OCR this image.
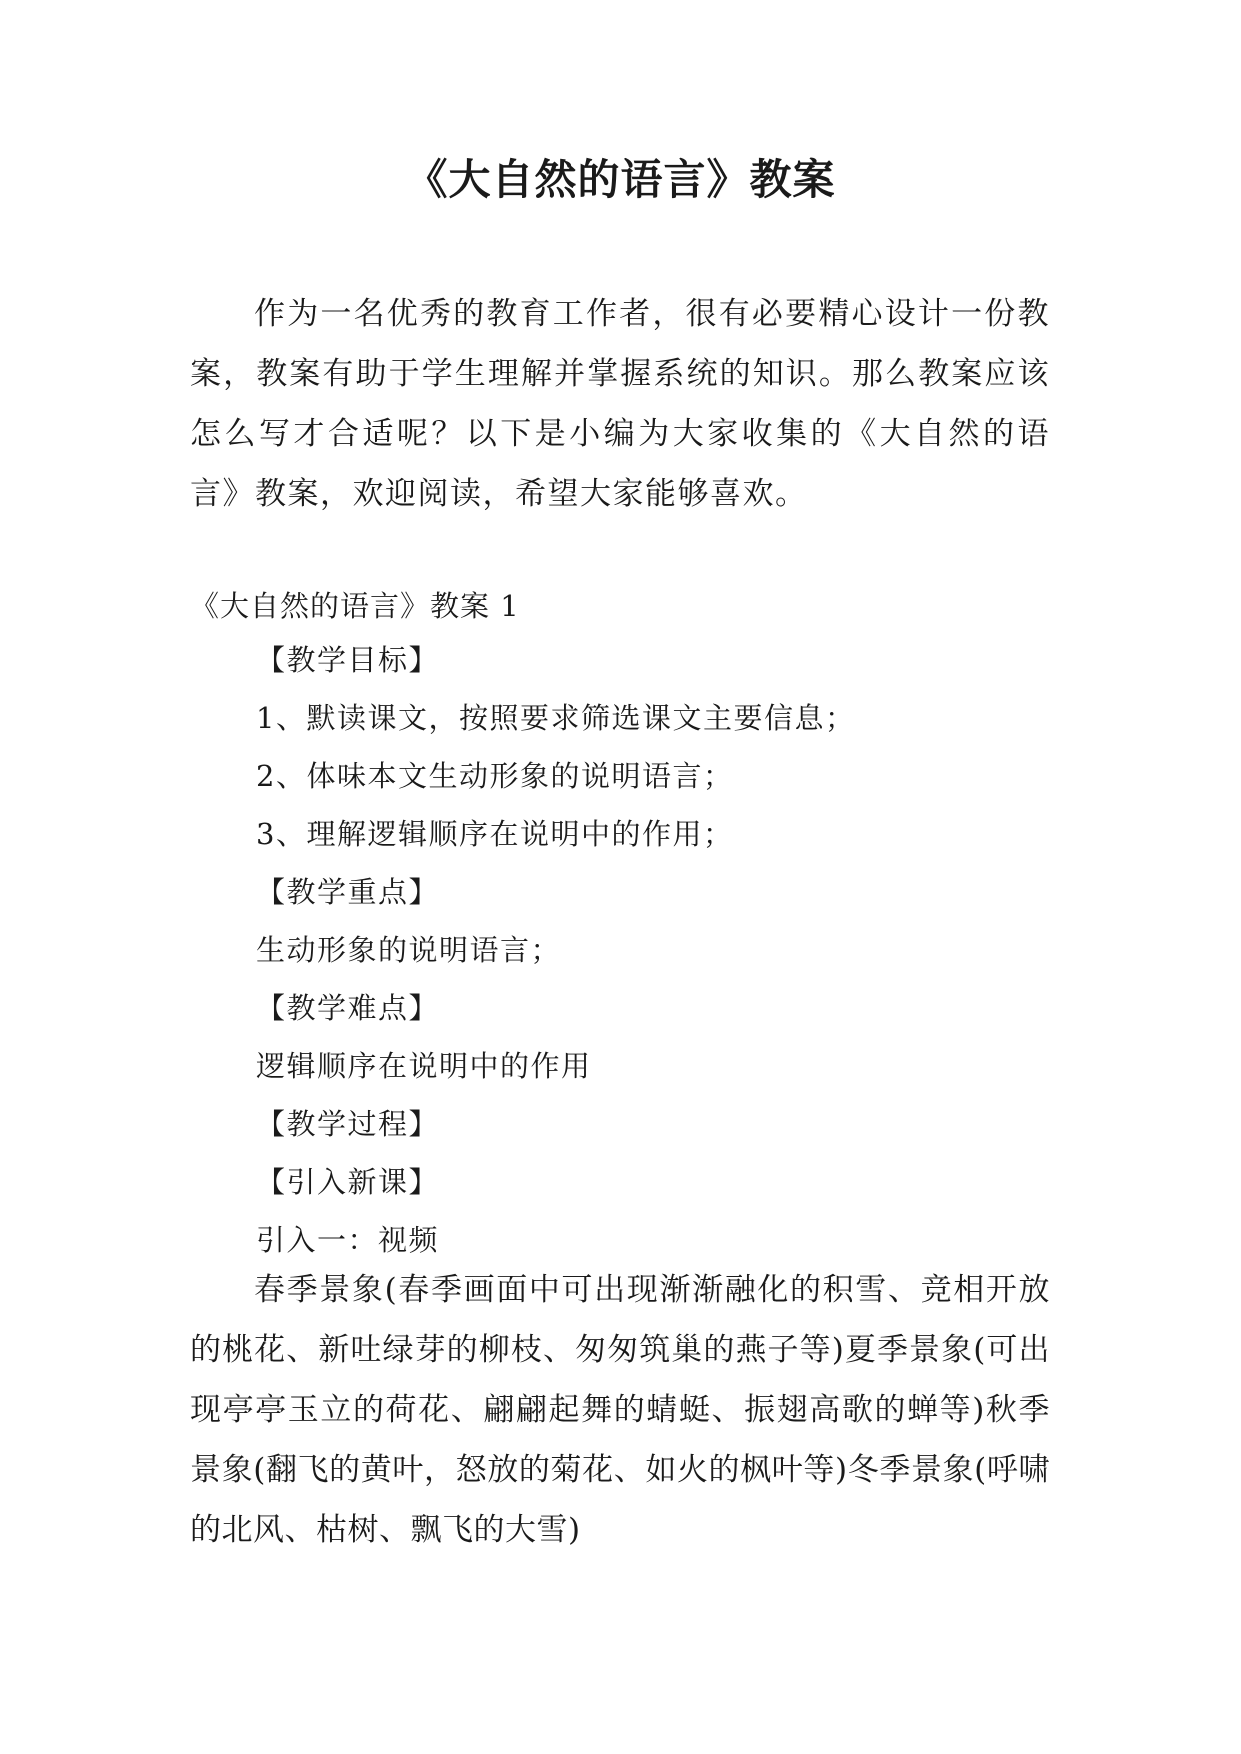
《大自然的语言》教案

作为一名优秀的教育工作者，很有必要精心设计一份教案，教案有助于学生理解并掌握系统的知识。那么教案应该怎么写才合适呢？以下是小编为大家收集的《大自然的语言》教案，欢迎阅读，希望大家能够喜欢。

《大自然的语言》教案 1
【教学目标】
1、默读课文，按照要求筛选课文主要信息；
2、体味本文生动形象的说明语言；
3、理解逻辑顺序在说明中的作用；
【教学重点】
生动形象的说明语言；
【教学难点】
逻辑顺序在说明中的作用
【教学过程】
【引入新课】
引入一：视频

春季景象(春季画面中可出现渐渐融化的积雪、竞相开放的桃花、新吐绿芽的柳枝、匆匆筑巢的燕子等)夏季景象(可出现亭亭玉立的荷花、翩翩起舞的蜻蜓、振翅高歌的蝉等)秋季景象(翻飞的黄叶，怒放的菊花、如火的枫叶等)冬季景象(呼啸的北风、枯树、飘飞的大雪)
